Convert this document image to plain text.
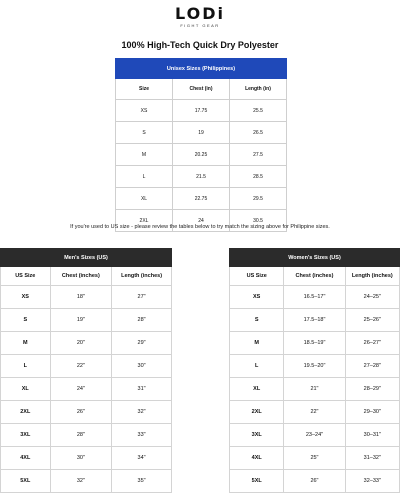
LODi
FIGHT GEAR
100% High-Tech Quick Dry Polyester
Unisex Sizes (Philippines)		
Size	Chest (in)	Length (in)
XS	17.75	25.5
S	19	26.5
M	20.25	27.5
L	21.5	28.5
XL	22.75	29.5
2XL	24	30.5
If you're used to US size - please review the tables below to try match the sizing above for Philippine sizes.
Men's Sizes (US)		
US Size	Chest (inches)	Length (inches)
XS	18"	27"
S	19"	28"
M	20"	29"
L	22"	30"
XL	24"	31"
2XL	26"	32"
3XL	28"	33"
4XL	30"	34"
5XL	32"	35"
Women's Sizes (US)		
US Size	Chest (inches)	Length (inches)
XS	16.5–17"	24–25"
S	17.5–18"	25–26"
M	18.5–19"	26–27"
L	19.5–20"	27–28"
XL	21"	28–29"
2XL	22"	29–30"
3XL	23–24"	30–31"
4XL	25"	31–32"
5XL	26"	32–33"
